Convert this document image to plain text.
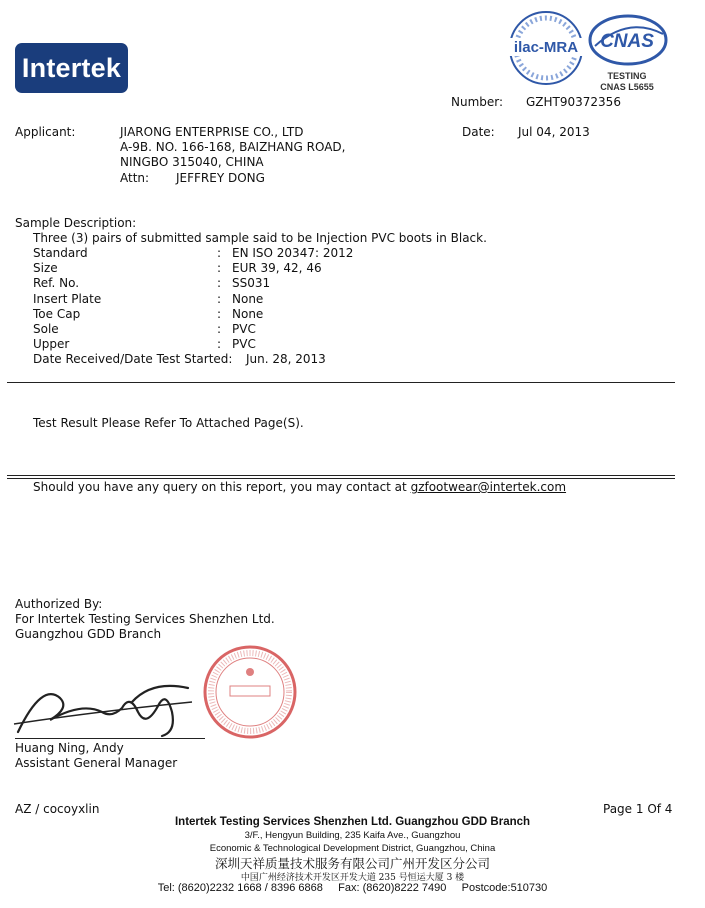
Intertek
ilac-MRA CNAS
TESTING
CNAS L5655
Number: GZHT90372356
Applicant:	JIARONG ENTERPRISE CO., LTD
A-9B. NO. 166-168, BAIZHANG ROAD,
NINGBO 315040, CHINA
Attn: JEFFREY DONG
Date: Jul 04, 2013
Sample Description:
Three (3) pairs of submitted sample said to be Injection PVC boots in Black.
Standard	: EN ISO 20347: 2012
Size	: EUR 39, 42, 46
Ref. No.	: SS031
Insert Plate	: None
Toe Cap	: None
Sole	: PVC
Upper	: PVC
Date Received/Date Test Started: Jun. 28, 2013
Test Result Please Refer To Attached Page(S).
Should you have any query on this report, you may contact at gzfootwear@intertek.com
Authorized By:
For Intertek Testing Services Shenzhen Ltd.
Guangzhou GDD Branch
Huang Ning, Andy
Assistant General Manager
AZ / cocoyxlin	Page 1 Of 4
Intertek Testing Services Shenzhen Ltd. Guangzhou GDD Branch
3/F., Hengyun Building, 235 Kaifa Ave., Guangzhou
Economic & Technological Development District, Guangzhou, China
深圳天祥质量技术服务有限公司广州开发区分公司
中国广州经济技术开发区开发大道 235 号恒运大厦 3 楼
Tel: (8620)2232 1668 / 8396 6868     Fax: (8620)8222 7490     Postcode:510730
